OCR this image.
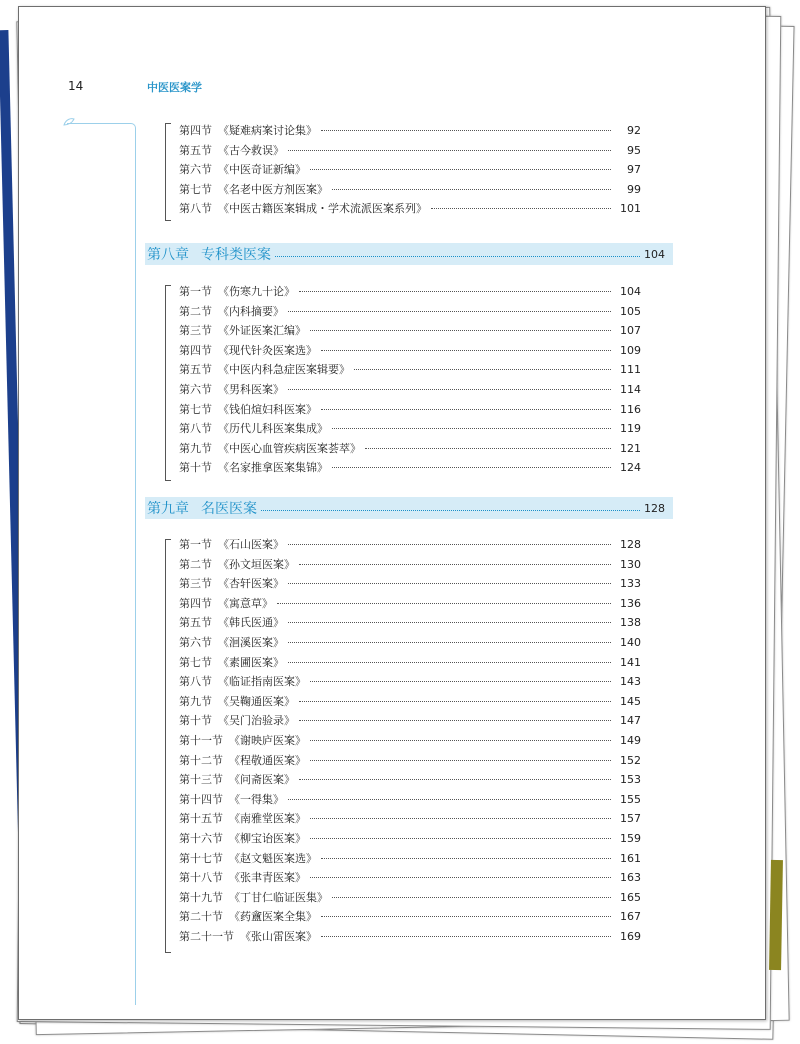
14	中医医案学
第四节 《疑难病案讨论集》	92
第五节 《古今救误》	95
第六节 《中医奇证新编》	97
第七节 《名老中医方剂医案》	99
第八节 《中医古籍医案辑成・学术流派医案系列》	101
第八章 专科类医案	104
第一节 《伤寒九十论》	104
第二节 《内科摘要》	105
第三节 《外证医案汇编》	107
第四节 《现代针灸医案选》	109
第五节 《中医内科急症医案辑要》	111
第六节 《男科医案》	114
第七节 《钱伯煊妇科医案》	116
第八节 《历代儿科医案集成》	119
第九节 《中医心血管疾病医案荟萃》	121
第十节 《名家推拿医案集锦》	124
第九章 名医医案	128
第一节 《石山医案》	128
第二节 《孙文垣医案》	130
第三节 《杏轩医案》	133
第四节 《寓意草》	136
第五节 《韩氏医通》	138
第六节 《洄溪医案》	140
第七节 《素圃医案》	141
第八节 《临证指南医案》	143
第九节 《吴鞠通医案》	145
第十节 《吴门治验录》	147
第十一节 《谢映庐医案》	149
第十二节 《程敬通医案》	152
第十三节 《问斋医案》	153
第十四节 《一得集》	155
第十五节 《南雅堂医案》	157
第十六节 《柳宝诒医案》	159
第十七节 《赵文魁医案选》	161
第十八节 《张聿青医案》	163
第十九节 《丁甘仁临证医集》	165
第二十节 《药盦医案全集》	167
第二十一节 《张山雷医案》	169
